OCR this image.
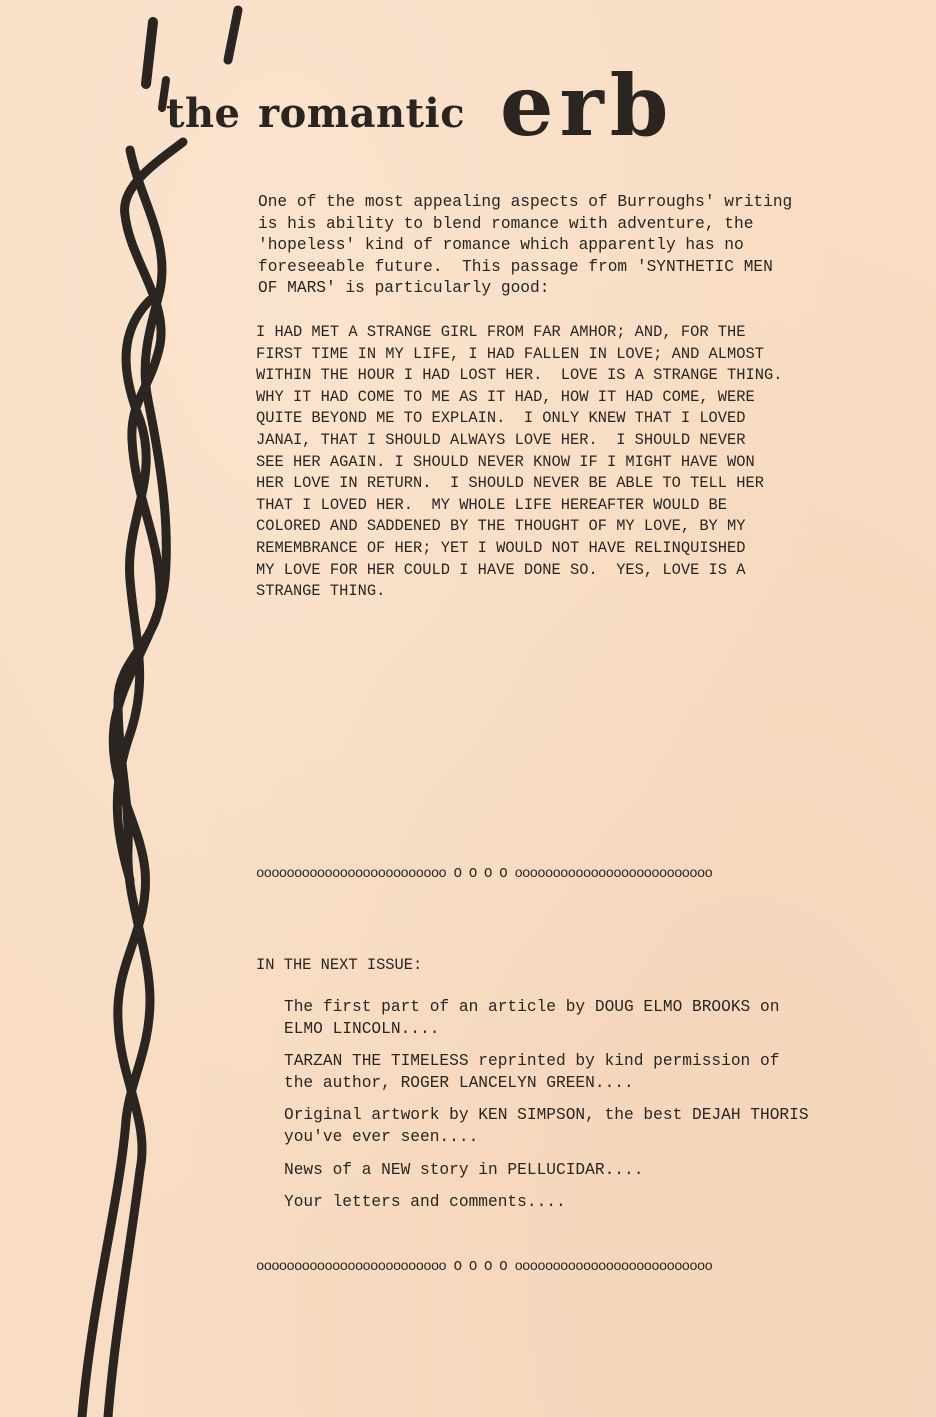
the romantic erb
One of the most appealing aspects of Burroughs' writing
is his ability to blend romance with adventure, the
'hopeless' kind of romance which apparently has no
foreseeable future.  This passage from 'SYNTHETIC MEN
OF MARS' is particularly good:
I HAD MET A STRANGE GIRL FROM FAR AMHOR; AND, FOR THE
FIRST TIME IN MY LIFE, I HAD FALLEN IN LOVE; AND ALMOST
WITHIN THE HOUR I HAD LOST HER.  LOVE IS A STRANGE THING.
WHY IT HAD COME TO ME AS IT HAD, HOW IT HAD COME, WERE
QUITE BEYOND ME TO EXPLAIN.  I ONLY KNEW THAT I LOVED
JANAI, THAT I SHOULD ALWAYS LOVE HER.  I SHOULD NEVER
SEE HER AGAIN. I SHOULD NEVER KNOW IF I MIGHT HAVE WON
HER LOVE IN RETURN.  I SHOULD NEVER BE ABLE TO TELL HER
THAT I LOVED HER.  MY WHOLE LIFE HEREAFTER WOULD BE
COLORED AND SADDENED BY THE THOUGHT OF MY LOVE, BY MY
REMEMBRANCE OF HER; YET I WOULD NOT HAVE RELINQUISHED
MY LOVE FOR HER COULD I HAVE DONE SO.  YES, LOVE IS A
STRANGE THING.
ooooooooooooooooooooooooo O O O O oooooooooooooooooooooooooo
IN THE NEXT ISSUE:
The first part of an article by DOUG ELMO BROOKS on
ELMO LINCOLN....
TARZAN THE TIMELESS reprinted by kind permission of
the author, ROGER LANCELYN GREEN....
Original artwork by KEN SIMPSON, the best DEJAH THORIS
you've ever seen....
News of a NEW story in PELLUCIDAR....
Your letters and comments....
ooooooooooooooooooooooooo O O O O oooooooooooooooooooooooooo
